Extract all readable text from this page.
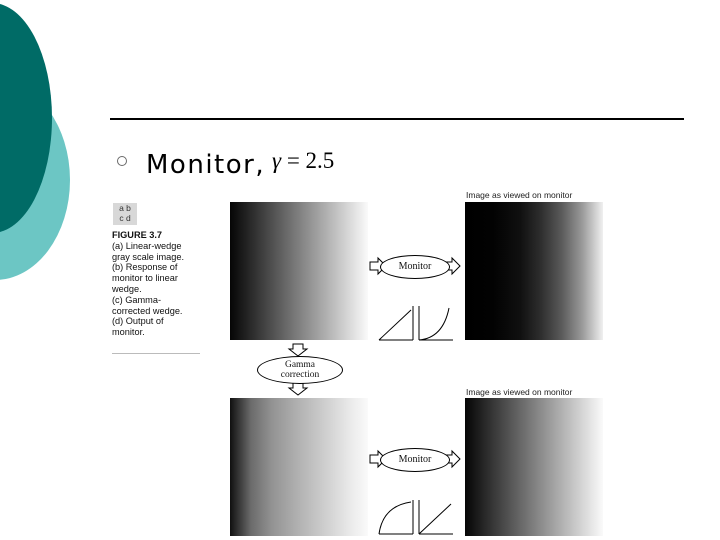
Monitor, γ = 2.5
a b
c d
FIGURE 3.7
(a) Linear-wedge
gray scale image.
(b) Response of
monitor to linear
wedge.
(c) Gamma-
corrected wedge.
(d) Output of
monitor.
Image as viewed on monitor
Monitor
Gamma
correction
Image as viewed on monitor
Monitor
